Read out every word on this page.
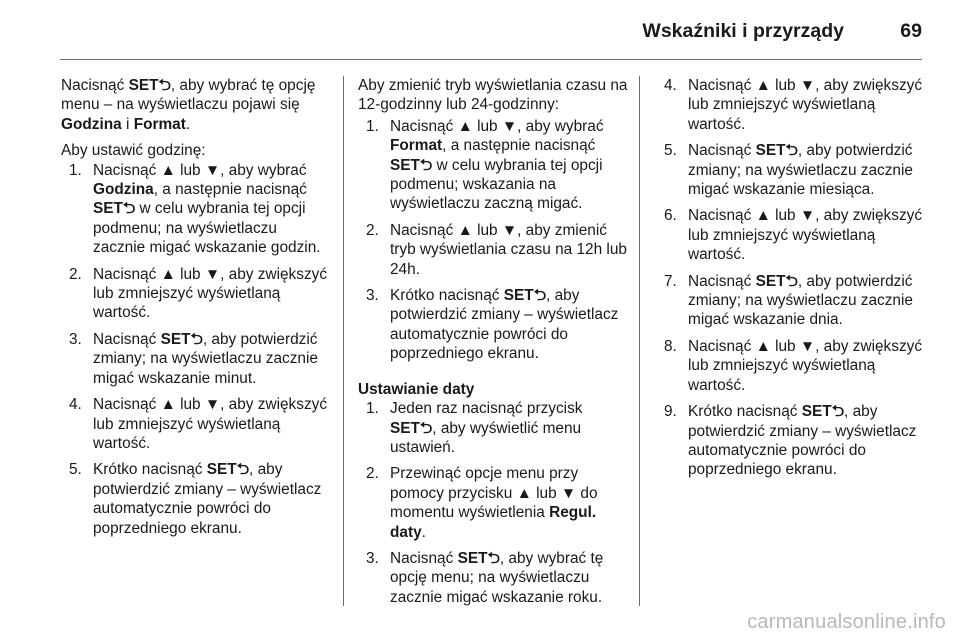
Wskaźniki i przyrządy	69

Nacisnąć SET⮌, aby wybrać tę opcję menu – na wyświetlaczu pojawi się Godzina i Format.

Aby ustawić godzinę:

1. Nacisnąć ▲ lub ▼, aby wybrać Godzina, a następnie nacisnąć SET⮌ w celu wybrania tej opcji podmenu; na wyświetlaczu zacznie migać wskazanie godzin.
2. Nacisnąć ▲ lub ▼, aby zwiększyć lub zmniejszyć wyświetlaną wartość.
3. Nacisnąć SET⮌, aby potwierdzić zmiany; na wyświetlaczu zacznie migać wskazanie minut.
4. Nacisnąć ▲ lub ▼, aby zwiększyć lub zmniejszyć wyświetlaną wartość.
5. Krótko nacisnąć SET⮌, aby potwierdzić zmiany – wyświetlacz automatycznie powróci do poprzedniego ekranu.

Aby zmienić tryb wyświetlania czasu na 12-godzinny lub 24-godzinny:

1. Nacisnąć ▲ lub ▼, aby wybrać Format, a następnie nacisnąć SET⮌ w celu wybrania tej opcji podmenu; wskazania na wyświetlaczu zaczną migać.
2. Nacisnąć ▲ lub ▼, aby zmienić tryb wyświetlania czasu na 12h lub 24h.
3. Krótko nacisnąć SET⮌, aby potwierdzić zmiany – wyświetlacz automatycznie powróci do poprzedniego ekranu.
Ustawianie daty
1. Jeden raz nacisnąć przycisk SET⮌, aby wyświetlić menu ustawień.
2. Przewinąć opcje menu przy pomocy przycisku ▲ lub ▼ do momentu wyświetlenia Regul. daty.
3. Nacisnąć SET⮌, aby wybrać tę opcję menu; na wyświetlaczu zacznie migać wskazanie roku.
4. Nacisnąć ▲ lub ▼, aby zwiększyć lub zmniejszyć wyświetlaną wartość.
5. Nacisnąć SET⮌, aby potwierdzić zmiany; na wyświetlaczu zacznie migać wskazanie miesiąca.
6. Nacisnąć ▲ lub ▼, aby zwiększyć lub zmniejszyć wyświetlaną wartość.
7. Nacisnąć SET⮌, aby potwierdzić zmiany; na wyświetlaczu zacznie migać wskazanie dnia.
8. Nacisnąć ▲ lub ▼, aby zwiększyć lub zmniejszyć wyświetlaną wartość.
9. Krótko nacisnąć SET⮌, aby potwierdzić zmiany – wyświetlacz automatycznie powróci do poprzedniego ekranu.
carmanualsonline.info
